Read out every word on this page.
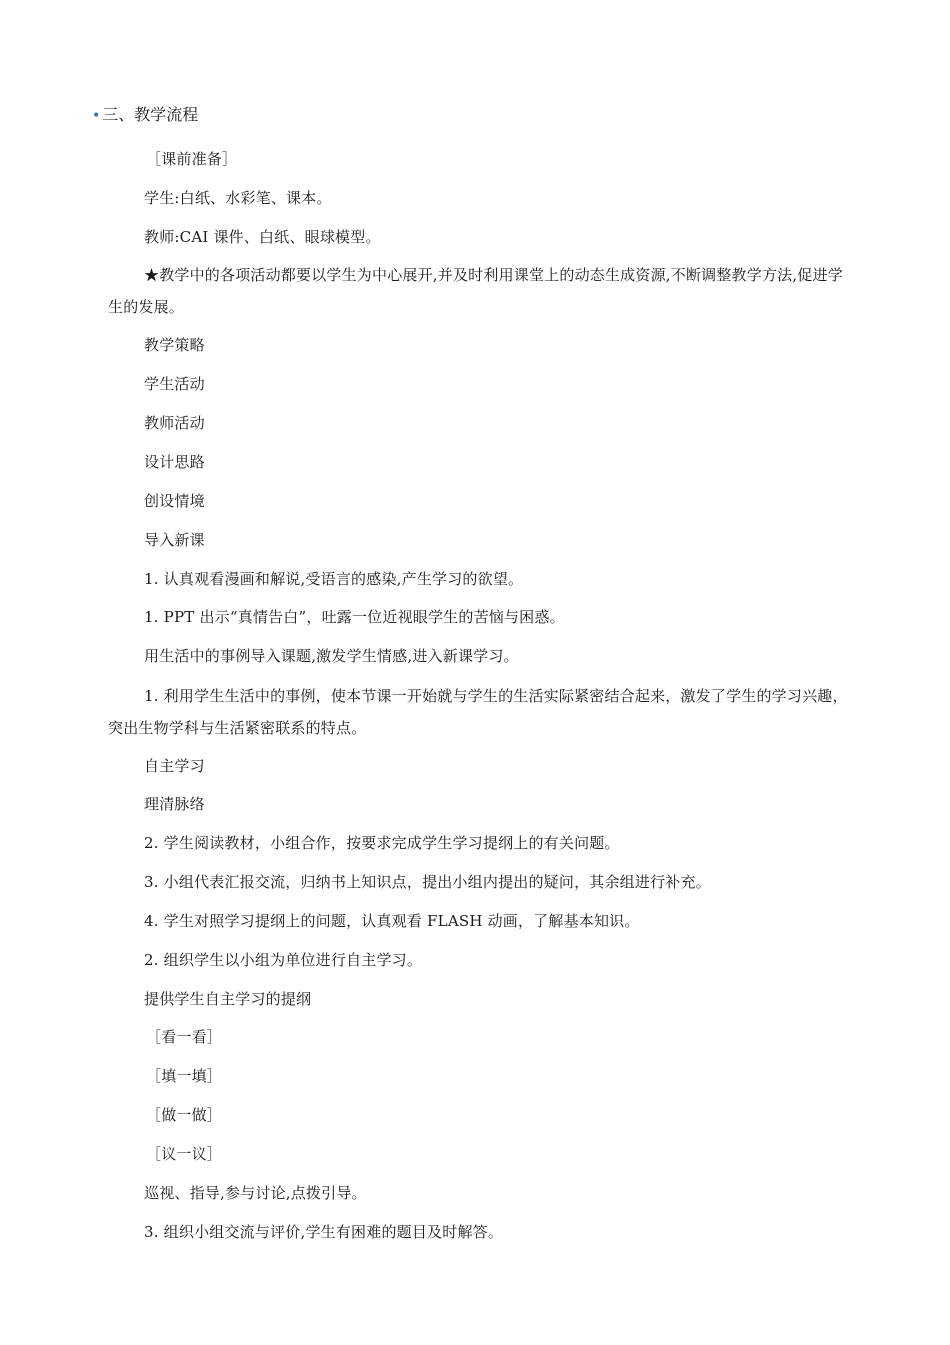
• 三、教学流程
［课前准备］
学生:白纸、水彩笔、课本。
教师:CAI 课件、白纸、眼球模型。
★教学中的各项活动都要以学生为中心展开,并及时利用课堂上的动态生成资源,不断调整教学方法,促进学生的发展。
教学策略
学生活动
教师活动
设计思路
创设情境
导入新课
1. 认真观看漫画和解说,受语言的感染,产生学习的欲望。
1. PPT 出示“真情告白”，吐露一位近视眼学生的苦恼与困惑。
用生活中的事例导入课题,激发学生情感,进入新课学习。
1. 利用学生生活中的事例，使本节课一开始就与学生的生活实际紧密结合起来，激发了学生的学习兴趣，突出生物学科与生活紧密联系的特点。
自主学习
理清脉络
2. 学生阅读教材，小组合作，按要求完成学生学习提纲上的有关问题。
3. 小组代表汇报交流，归纳书上知识点，提出小组内提出的疑问，其余组进行补充。
4. 学生对照学习提纲上的问题，认真观看 FLASH 动画，了解基本知识。
2. 组织学生以小组为单位进行自主学习。
提供学生自主学习的提纲
［看一看］
［填一填］
［做一做］
［议一议］
巡视、指导,参与讨论,点拨引导。
3. 组织小组交流与评价,学生有困难的题目及时解答。
